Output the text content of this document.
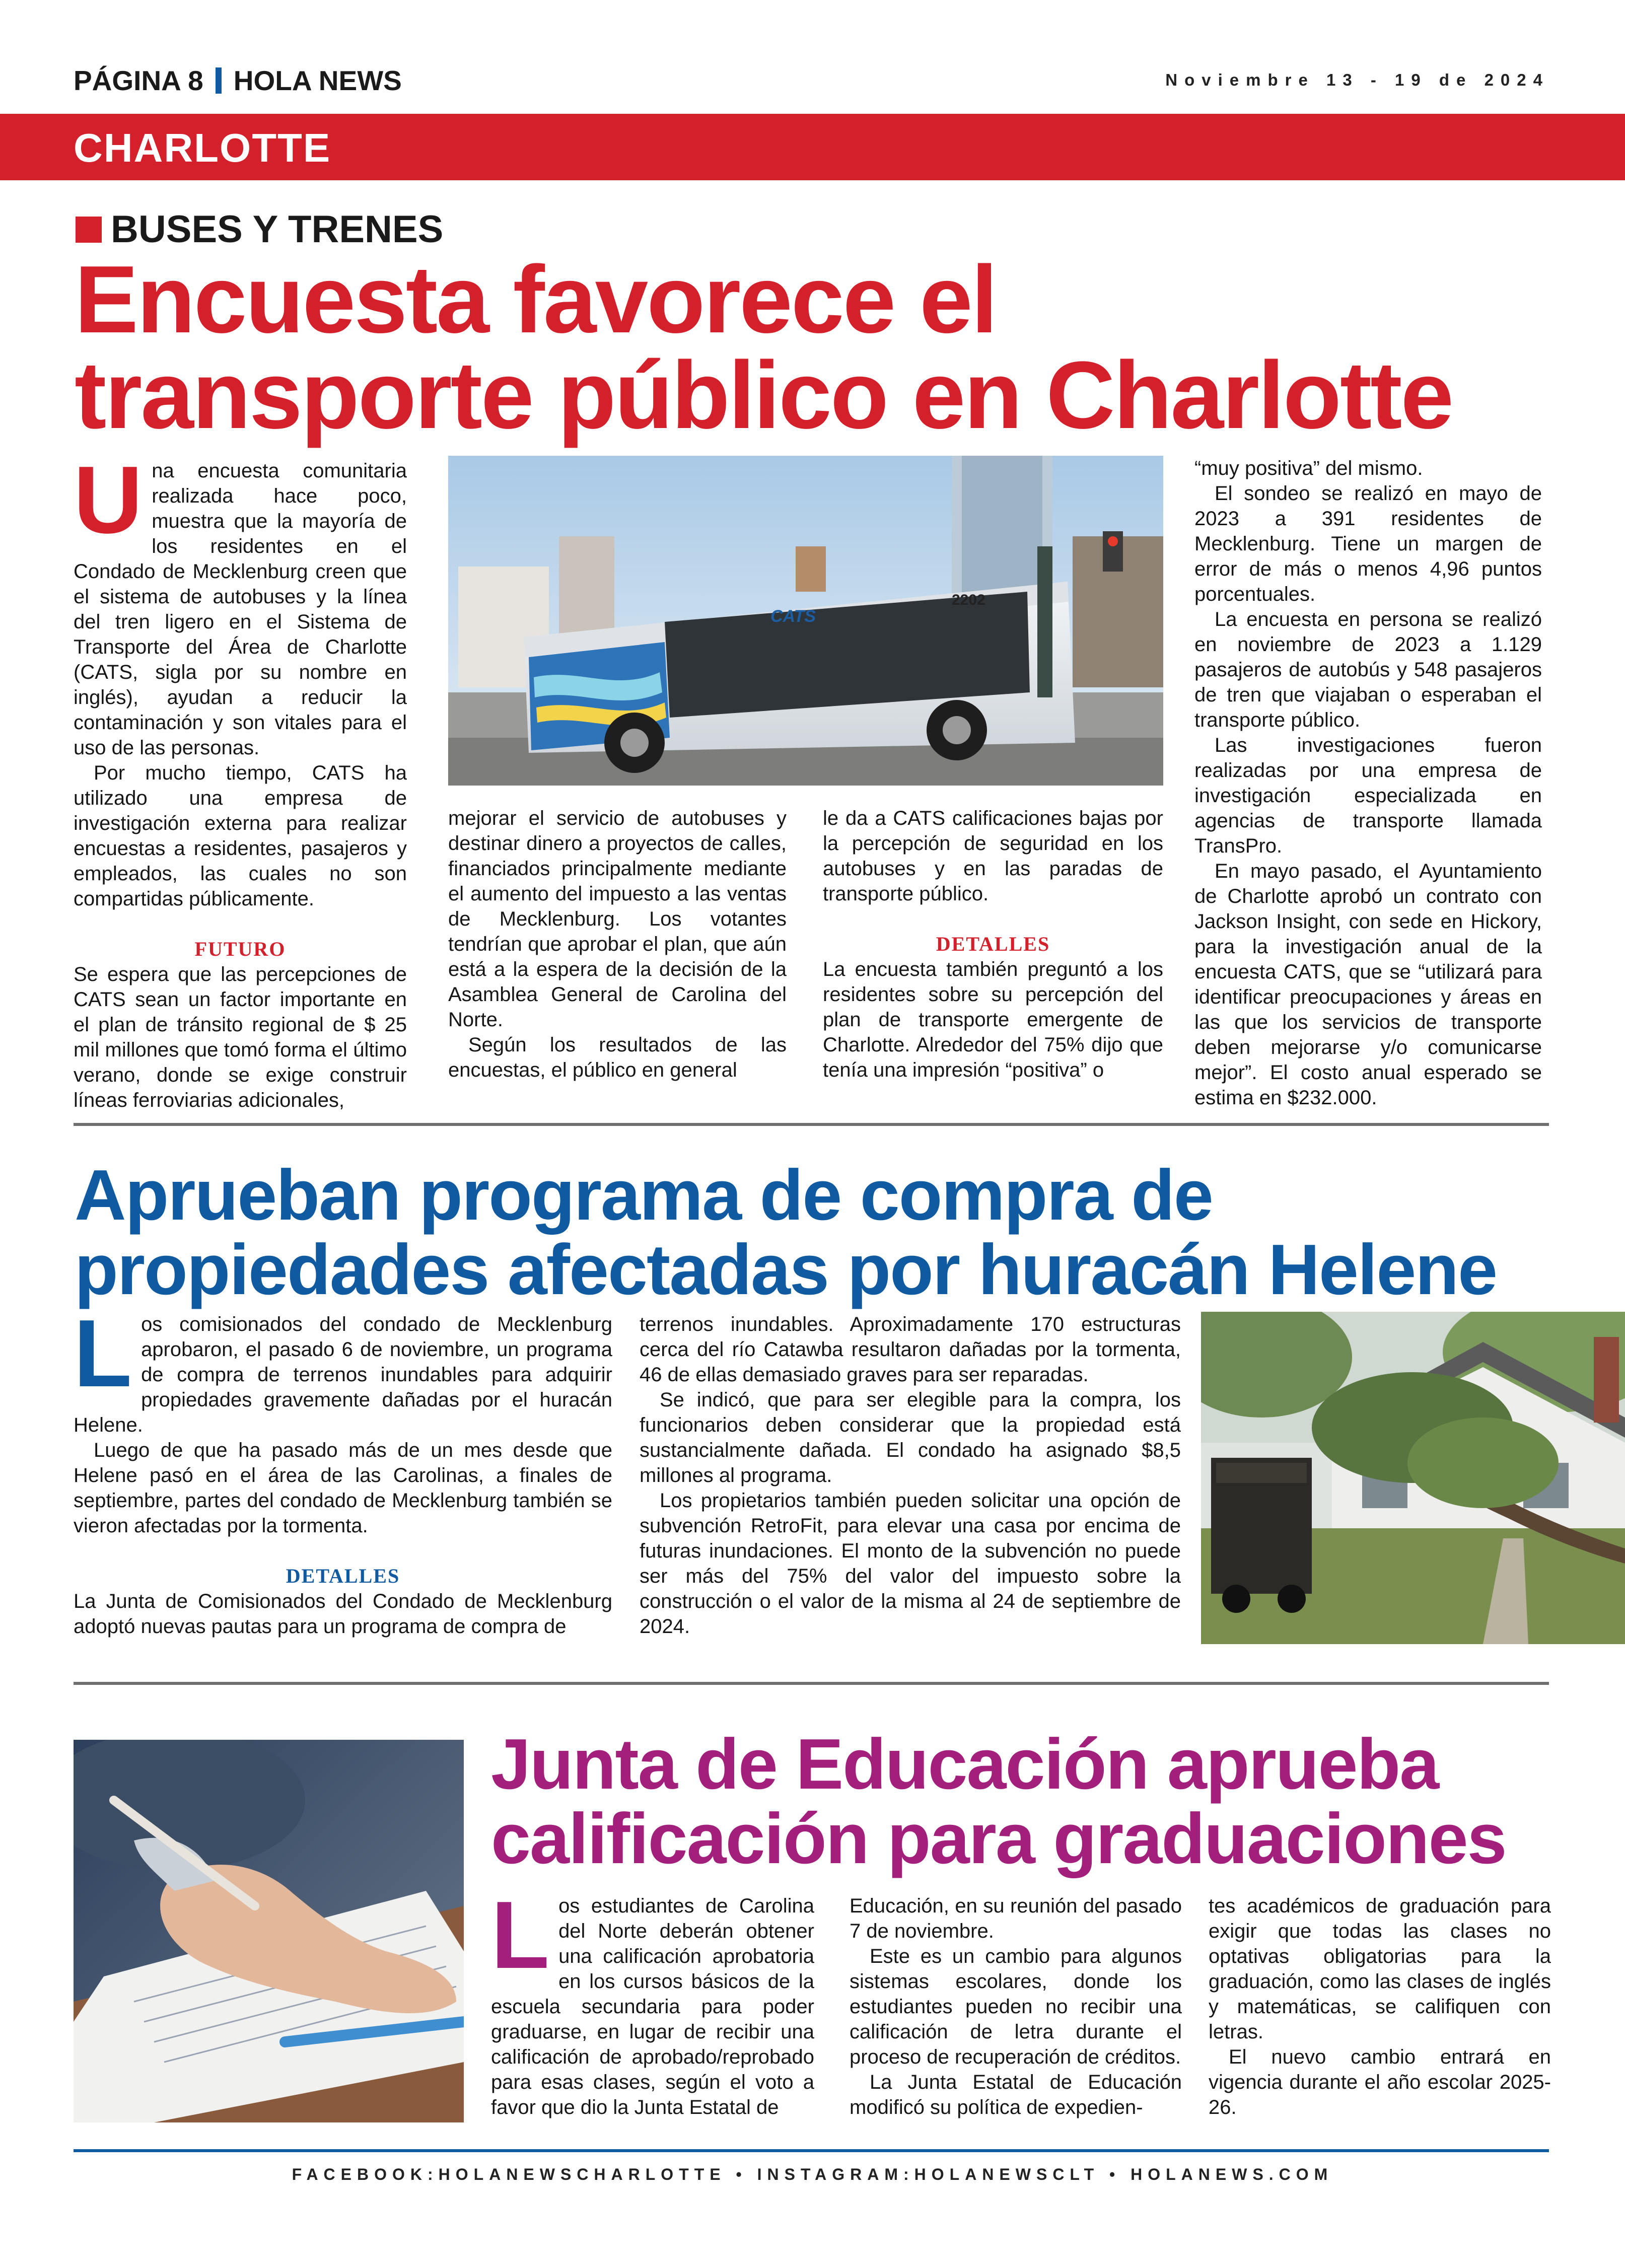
PÁGINA 8 HOLA NEWS	Noviembre 13 - 19 de 2024
CHARLOTTE
BUSES Y TRENES
Encuesta favorece el
transporte público en Charlotte
U na encuesta comunitaria realizada hace poco, muestra que la mayoría de los residentes en el Condado de Mecklenburg creen que el sistema de autobuses y la línea del tren ligero en el Sistema de Transporte del Área de Charlotte (CATS, sigla por su nombre en inglés), ayudan a reducir la contaminación y son vitales para el uso de las personas.

Por mucho tiempo, CATS ha utilizado una empresa de investigación externa para realizar encuestas a residentes, pasajeros y empleados, las cuales no son compartidas públicamente.

FUTURO

Se espera que las percepciones de CATS sean un factor importante en el plan de tránsito regional de $ 25 mil millones que tomó forma el último verano, donde se exige construir líneas ferroviarias adicionales,

CATS
2202

mejorar el servicio de autobuses y destinar dinero a proyectos de calles, financiados principalmente mediante el aumento del impuesto a las ventas de Mecklenburg. Los votantes tendrían que aprobar el plan, que aún está a la espera de la decisión de la Asamblea General de Carolina del Norte.

Según los resultados de las encuestas, el público en general

le da a CATS calificaciones bajas por la percepción de seguridad en los autobuses y en las paradas de transporte público.

DETALLES

La encuesta también preguntó a los residentes sobre su percepción del plan de transporte emergente de Charlotte. Alrededor del 75% dijo que tenía una impresión “positiva” o

“muy positiva” del mismo.

El sondeo se realizó en mayo de 2023 a 391 residentes de Mecklenburg. Tiene un margen de error de más o menos 4,96 puntos porcentuales.

La encuesta en persona se realizó en noviembre de 2023 a 1.129 pasajeros de autobús y 548 pasajeros de tren que viajaban o esperaban el transporte público.

Las investigaciones fueron realizadas por una empresa de investigación especializada en agencias de transporte llamada TransPro.

En mayo pasado, el Ayuntamiento de Charlotte aprobó un contrato con Jackson Insight, con sede en Hickory, para la investigación anual de la encuesta CATS, que se “utilizará para identificar preocupaciones y áreas en las que los servicios de transporte deben mejorarse y/o comunicarse mejor”. El costo anual esperado se estima en $232.000.

Aprueban programa de compra de
propiedades afectadas por huracán Helene
L os comisionados del condado de Mecklenburg aprobaron, el pasado 6 de noviembre, un programa de compra de terrenos inundables para adquirir propiedades gravemente dañadas por el huracán Helene.

Luego de que ha pasado más de un mes desde que Helene pasó en el área de las Carolinas, a finales de septiembre, partes del condado de Mecklenburg también se vieron afectadas por la tormenta.

DETALLES

La Junta de Comisionados del Condado de Mecklenburg adoptó nuevas pautas para un programa de compra de

terrenos inundables. Aproximadamente 170 estructuras cerca del río Catawba resultaron dañadas por la tormenta, 46 de ellas demasiado graves para ser reparadas.

Se indicó, que para ser elegible para la compra, los funcionarios deben considerar que la propiedad está sustancialmente dañada. El condado ha asignado $8,5 millones al programa.

Los propietarios también pueden solicitar una opción de subvención RetroFit, para elevar una casa por encima de futuras inundaciones. El monto de la subvención no puede ser más del 75% del valor del impuesto sobre la construcción o el valor de la misma al 24 de septiembre de 2024.

Junta de Educación aprueba
calificación para graduaciones
L os estudiantes de Carolina del Norte deberán obtener una calificación aprobatoria en los cursos básicos de la escuela secundaria para poder graduarse, en lugar de recibir una calificación de aprobado/reprobado para esas clases, según el voto a favor que dio la Junta Estatal de

Educación, en su reunión del pasado 7 de noviembre.

Este es un cambio para algunos sistemas escolares, donde los estudiantes pueden no recibir una calificación de letra durante el proceso de recuperación de créditos.

La Junta Estatal de Educación modificó su política de expedien-

tes académicos de graduación para exigir que todas las clases no optativas obligatorias para la graduación, como las clases de inglés y matemáticas, se califiquen con letras.

El nuevo cambio entrará en vigencia durante el año escolar 2025-26.

FACEBOOK:HOLANEWSCHARLOTTE • INSTAGRAM:HOLANEWSCLT • HOLANEWS.COM
